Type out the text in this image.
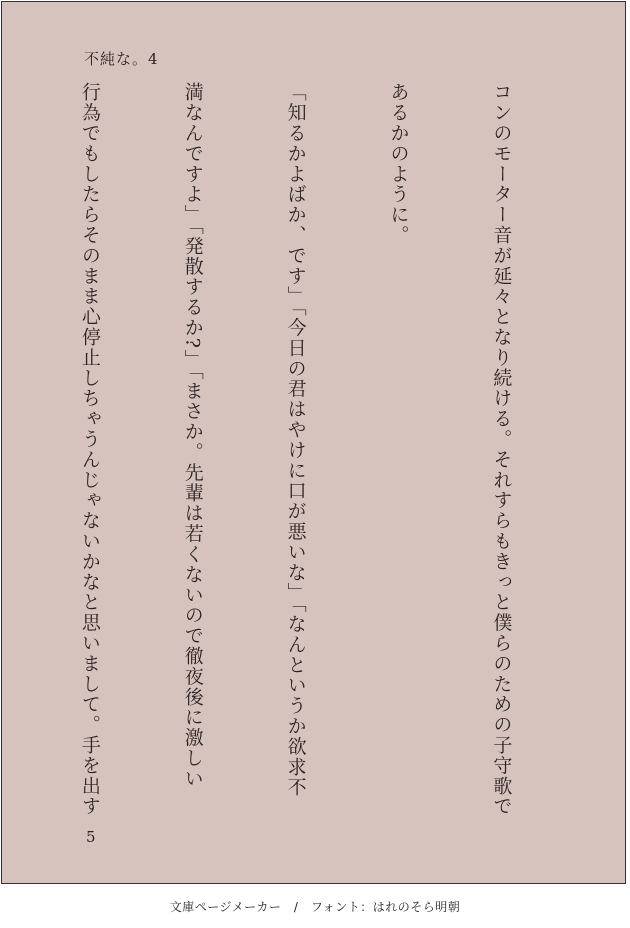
不純な。4

コンのモーター音が延々となり続ける。それすらもきっと僕らのための子守歌で

あるかのように。

「知るかよばか、です」「今日の君はやけに口が悪いな」「なんというか欲求不

満なんですよ」「発散するか?」「まさか。先輩は若くないので徹夜後に激しい

行為でもしたらそのまま心停止しちゃうんじゃないかなと思いまして。手を出す

5
文庫ページメーカー　/　フォント：はれのそら明朝
